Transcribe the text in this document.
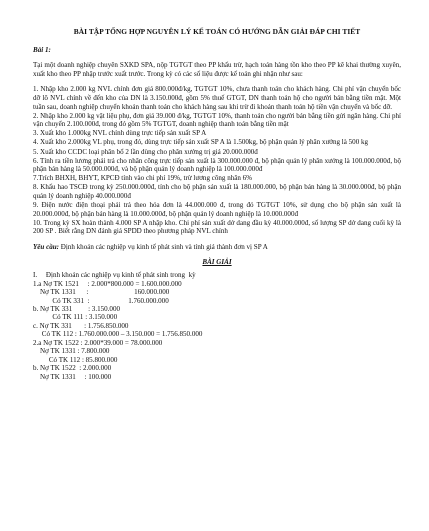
BÀI TẬP TỔNG HỢP NGUYÊN LÝ KẾ TOÁN CÓ HƯỚNG DẪN GIẢI ĐÁP CHI TIẾT
Bài 1:

Tại một doanh nghiệp chuyên SXKD SPA, nộp TGTGT theo PP khấu trừ, hạch toán hàng tồn kho theo PP kê khai thường xuyên, xuất kho theo PP nhập trước xuất trước. Trong kỳ có các số liệu được kế toán ghi nhận như sau:

1. Nhập kho 2.000 kg NVL chính đơn giá 800.000đ/kg, TGTGT 10%, chưa thanh toán cho khách hàng. Chi phí vận chuyển bốc dỡ lô NVL chính về đến kho của DN là 3.150.000đ, gồm 5% thuế GTGT, DN thanh toán hộ cho người bán bằng tiền mặt. Một tuần sau, doanh nghiệp chuyển khoản thanh toán cho khách hàng sau khi trừ đi khoản thanh toán hộ tiền vận chuyển và bốc dỡ.

2. Nhập kho 2.000 kg vật liệu phụ, đơn giá 39.000 đ/kg, TGTGT 10%, thanh toán cho người bán bằng tiền gửi ngân hàng. Chi phí vận chuyển 2.100.000đ, trong đó gồm 5% TGTGT, doanh nghiệp thanh toán bằng tiền mặt

3. Xuất kho 1.000kg NVL chính dùng trực tiếp sản xuất SP A

4. Xuất kho 2.000kg VL phụ, trong đó, dùng trực tiếp sản xuất SP A là 1.500kg, bộ phận quản lý phân xưởng là 500 kg

5. Xuất kho CCDC loại phân bổ 2 lần dùng cho phân xưởng trị giá 20.000.000đ

6. Tính ra tiền lương phải trả cho nhân công trực tiếp sản xuất là 300.000.000 đ, bộ phận quản lý phân xưởng là 100.000.000đ, bộ phận bán hàng là 50.000.000đ, và bộ phận quản lý doanh nghiệp là 100.000.000đ

7.Trích BHXH, BHYT, KPCĐ tính vào chi phí 19%, trừ lương công nhân 6%

8. Khấu hao TSCĐ trong kỳ 250.000.000đ, tính cho bộ phận sản xuất là 180.000.000, bộ phận bán hàng là 30.000.000đ, bộ phận quản lý doanh nghiệp 40.000.000đ

9. Điện nước điện thoại phải trả theo hóa đơn là 44.000.000 đ, trong đó TGTGT 10%, sử dụng cho bộ phận sản xuất là 20.000.000đ, bộ phận bán hàng là 10.000.000đ, bộ phận quản lý doanh nghiệp là 10.000.000đ

10. Trong kỳ SX hoàn thành 4.000 SP A nhập kho. Chi phí sản xuất dở dang đầu kỳ 40.000.000đ, số lượng SP dở dang cuối kỳ là 200 SP . Biết rằng DN đánh giá SPDD theo phương pháp NVL chính

Yêu cầu: Định khoản các nghiệp vụ kinh tế phát sinh và tính giá thành đơn vị SP A

BÀI GIẢI
I.     Định khoản các nghiệp vụ kinh tế phát sinh trong  kỳ
1.a Nợ TK 1521     : 2.000*800.000 = 1.600.000.000
Nợ TK 1331      :                          160.000.000
Có TK 331  :                      1.760.000.000
b. Nợ TK 331         : 3.150.000
Có TK 111 : 3.150.000
c. Nợ TK 331       : 1.756.850.000
Có TK 112 : 1.760.000.000 – 3.150.000 = 1.756.850.000
2.a Nợ TK 1522 : 2.000*39.000 = 78.000.000
Nợ TK 1331 : 7.800.000
Có TK 112 : 85.800.000
b. Nợ TK 1522  : 2.000.000
Nợ TK 1331     : 100.000
